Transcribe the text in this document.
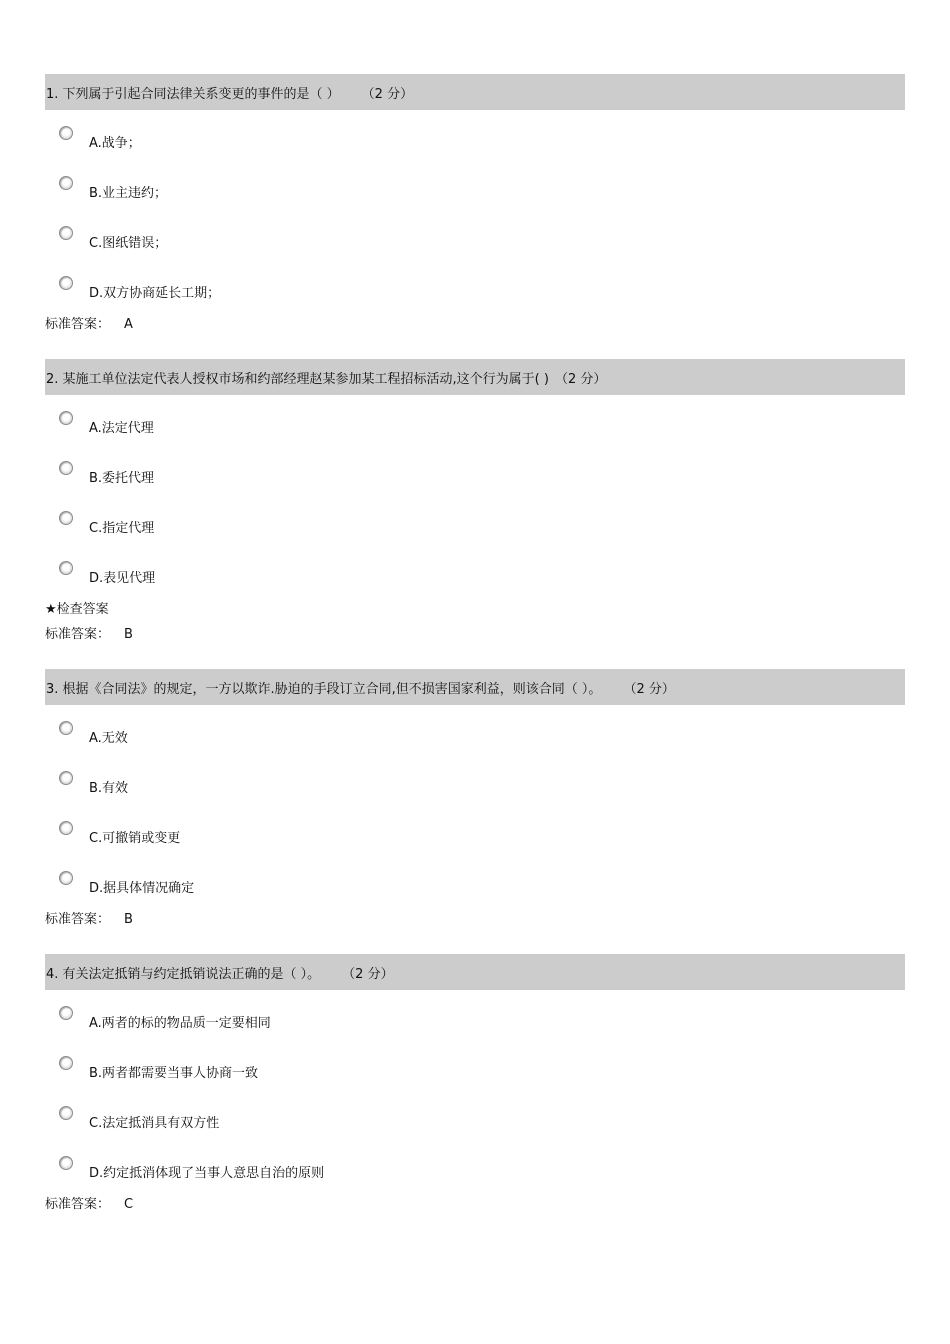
1. 下列属于引起合同法律关系变更的事件的是（ ） （2 分）
A.战争；
B.业主违约；
C.图纸错误；
D.双方协商延长工期；
标准答案： A
2. 某施工单位法定代表人授权市场和约部经理赵某参加某工程招标活动,这个行为属于( ) （2 分）
A.法定代理
B.委托代理
C.指定代理
D.表见代理
★检查答案
标准答案： B
3. 根据《合同法》的规定，一方以欺诈.胁迫的手段订立合同,但不损害国家利益，则该合同（ ）。 （2 分）
A.无效
B.有效
C.可撤销或变更
D.据具体情况确定
标准答案： B
4. 有关法定抵销与约定抵销说法正确的是（ ）。 （2 分）
A.两者的标的物品质一定要相同
B.两者都需要当事人协商一致
C.法定抵消具有双方性
D.约定抵消体现了当事人意思自治的原则
标准答案： C
